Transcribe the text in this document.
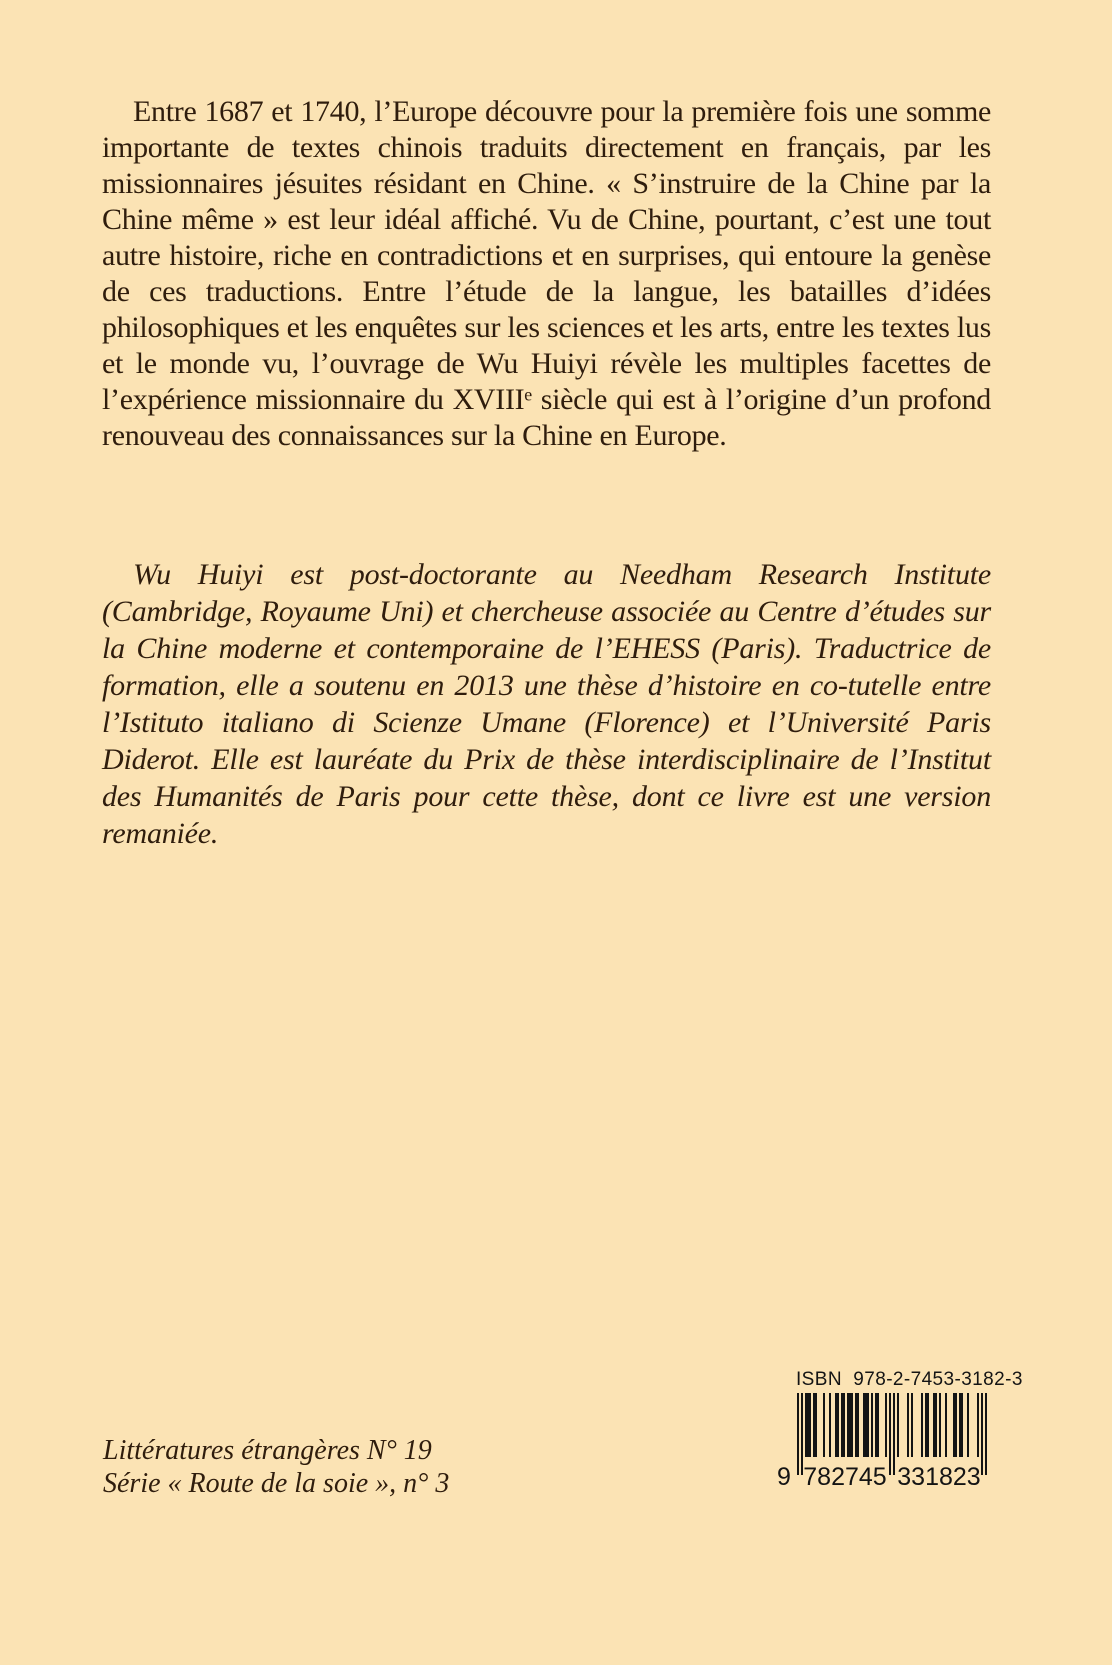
Entre 1687 et 1740, l’Europe découvre pour la première fois une somme importante de textes chinois traduits directement en français, par les missionnaires jésuites résidant en Chine. « S’instruire de la Chine par la Chine même » est leur idéal affiché. Vu de Chine, pourtant, c’est une tout autre histoire, riche en contradictions et en surprises, qui entoure la genèse de ces traductions. Entre l’étude de la langue, les batailles d’idées philosophiques et les enquêtes sur les sciences et les arts, entre les textes lus et le monde vu, l’ouvrage de Wu Huiyi révèle les multiples facettes de l’expérience missionnaire du XVIIIᵉ siècle qui est à l’origine d’un profond renouveau des connaissances sur la Chine en Europe.

Wu Huiyi est post-doctorante au Needham Research Institute (Cambridge, Royaume Uni) et chercheuse associée au Centre d’études sur la Chine moderne et contemporaine de l’EHESS (Paris). Traductrice de formation, elle a soutenu en 2013 une thèse d’histoire en co-tutelle entre l’Istituto italiano di Scienze Umane (Florence) et l’Université Paris Diderot. Elle est lauréate du Prix de thèse interdisciplinaire de l’Institut des Humanités de Paris pour cette thèse, dont ce livre est une version remaniée.

Littératures étrangères N° 19
Série « Route de la soie », n° 3
ISBN  978-2-7453-3182-3
9 782745 331823
